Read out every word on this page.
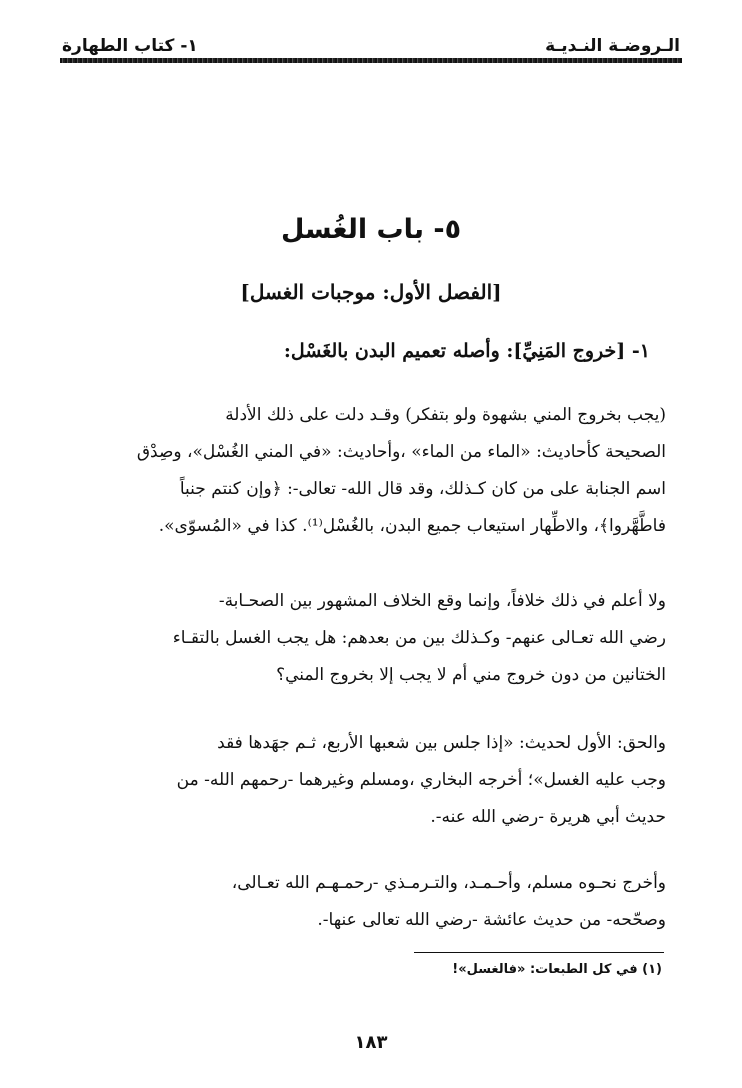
الـروضـة النـديـة
١- كتاب الطهارة
٥- باب الغُسل
[الفصل الأول: موجبات الغسل]
١- [خروج المَنِيِّ]: وأصله تعميم البدن بالغَسْل:
(يجب بخروج المني بشهوة ولو بتفكر) وقـد دلت على ذلك الأدلة
الصحيحة كأحاديث: «الماء من الماء» ،وأحاديث: «في المني الغُسْل»، وصِدْق
اسم الجنابة على من كان كـذلك، وقد قال الله- تعالى-: ﴿وإن كنتم جنباً
فاطَّهَّروا﴾، والاطِّهار استيعاب جميع البدن، بالغُسْل⁽¹⁾. كذا في «المُسوّى».
ولا أعلم في ذلك خلافاً، وإنما وقع الخلاف المشهور بين الصحـابة-
رضي الله تعـالى عنهم- وكـذلك بين من بعدهم: هل يجب الغسل بالتقـاء
الختانين من دون خروج مني أم لا يجب إلا بخروج المني؟
والحق: الأول لحديث: «إذا جلس بين شعبها الأربع، ثـم جهَدها فقد
وجب عليه الغسل»؛ أخرجه البخاري ،ومسلم وغيرهما -رحمهم الله- من
حديث أبي هريرة -رضي الله عنه-.
وأخرج نحـوه مسلم، وأحـمـد، والتـرمـذي -رحمـهـم الله تعـالى،
وصحّحه- من حديث عائشة -رضي الله تعالى عنها-.
(١) في كل الطبعات: «فالغسل»!
١٨٣
